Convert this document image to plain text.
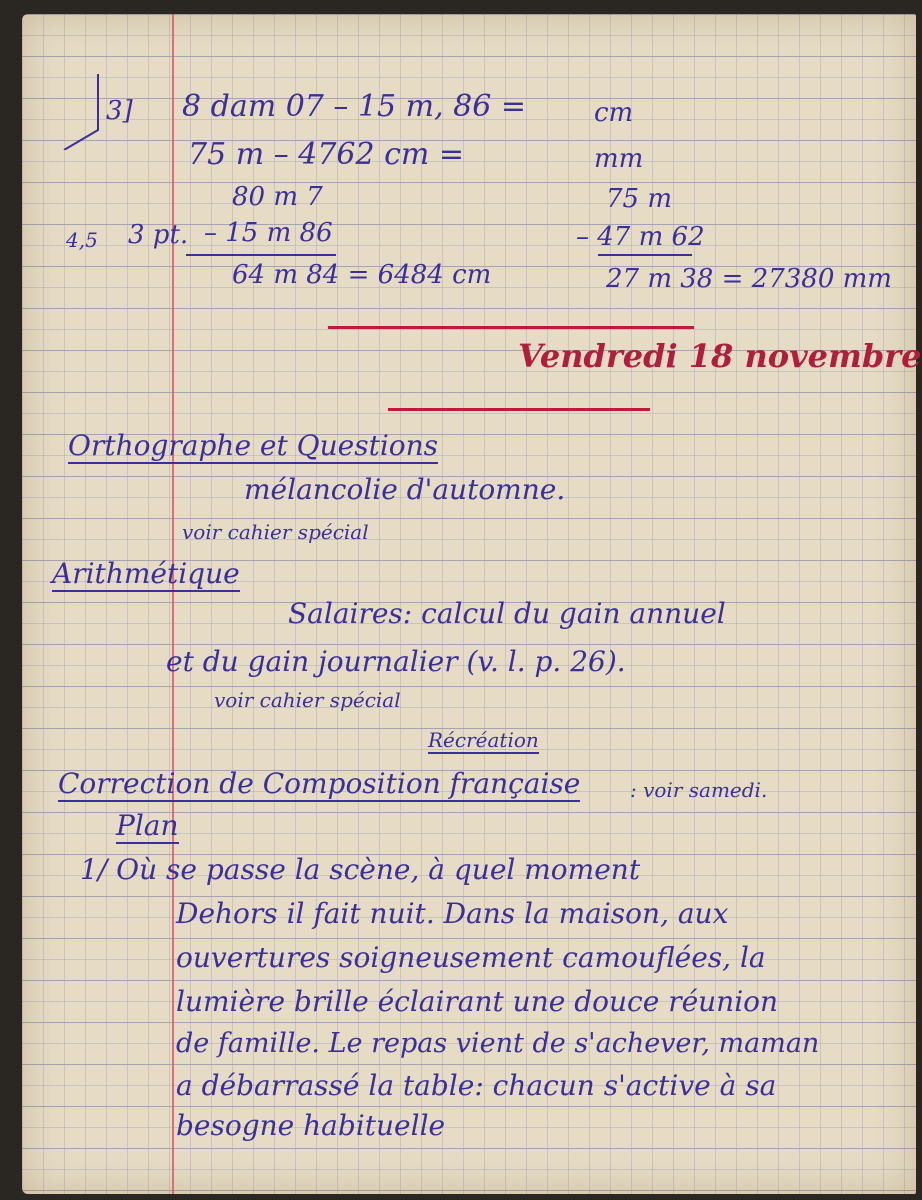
3] 8 dam 07 – 15 m, 86 =	cm
75 m – 4762 cm =	mm
80 m 7
4,5 3 pt. – 15 m 86
64 m 84 = 6484 cm
75 m
– 47 m 62
27 m 38 = 27380 mm
Vendredi 18 novembre
Orthographe et Questions
mélancolie d'automne.
voir cahier spécial
Arithmétique
Salaires: calcul du gain annuel
et du gain journalier (v. l. p. 26).
voir cahier spécial
Récréation
Correction de Composition française : voir samedi.
Plan
1/ Où se passe la scène, à quel moment
Dehors il fait nuit. Dans la maison, aux
ouvertures soigneusement camouflées, la
lumière brille éclairant une douce réunion
de famille. Le repas vient de s'achever, maman
a débarrassé la table: chacun s'active à sa
besogne habituelle
